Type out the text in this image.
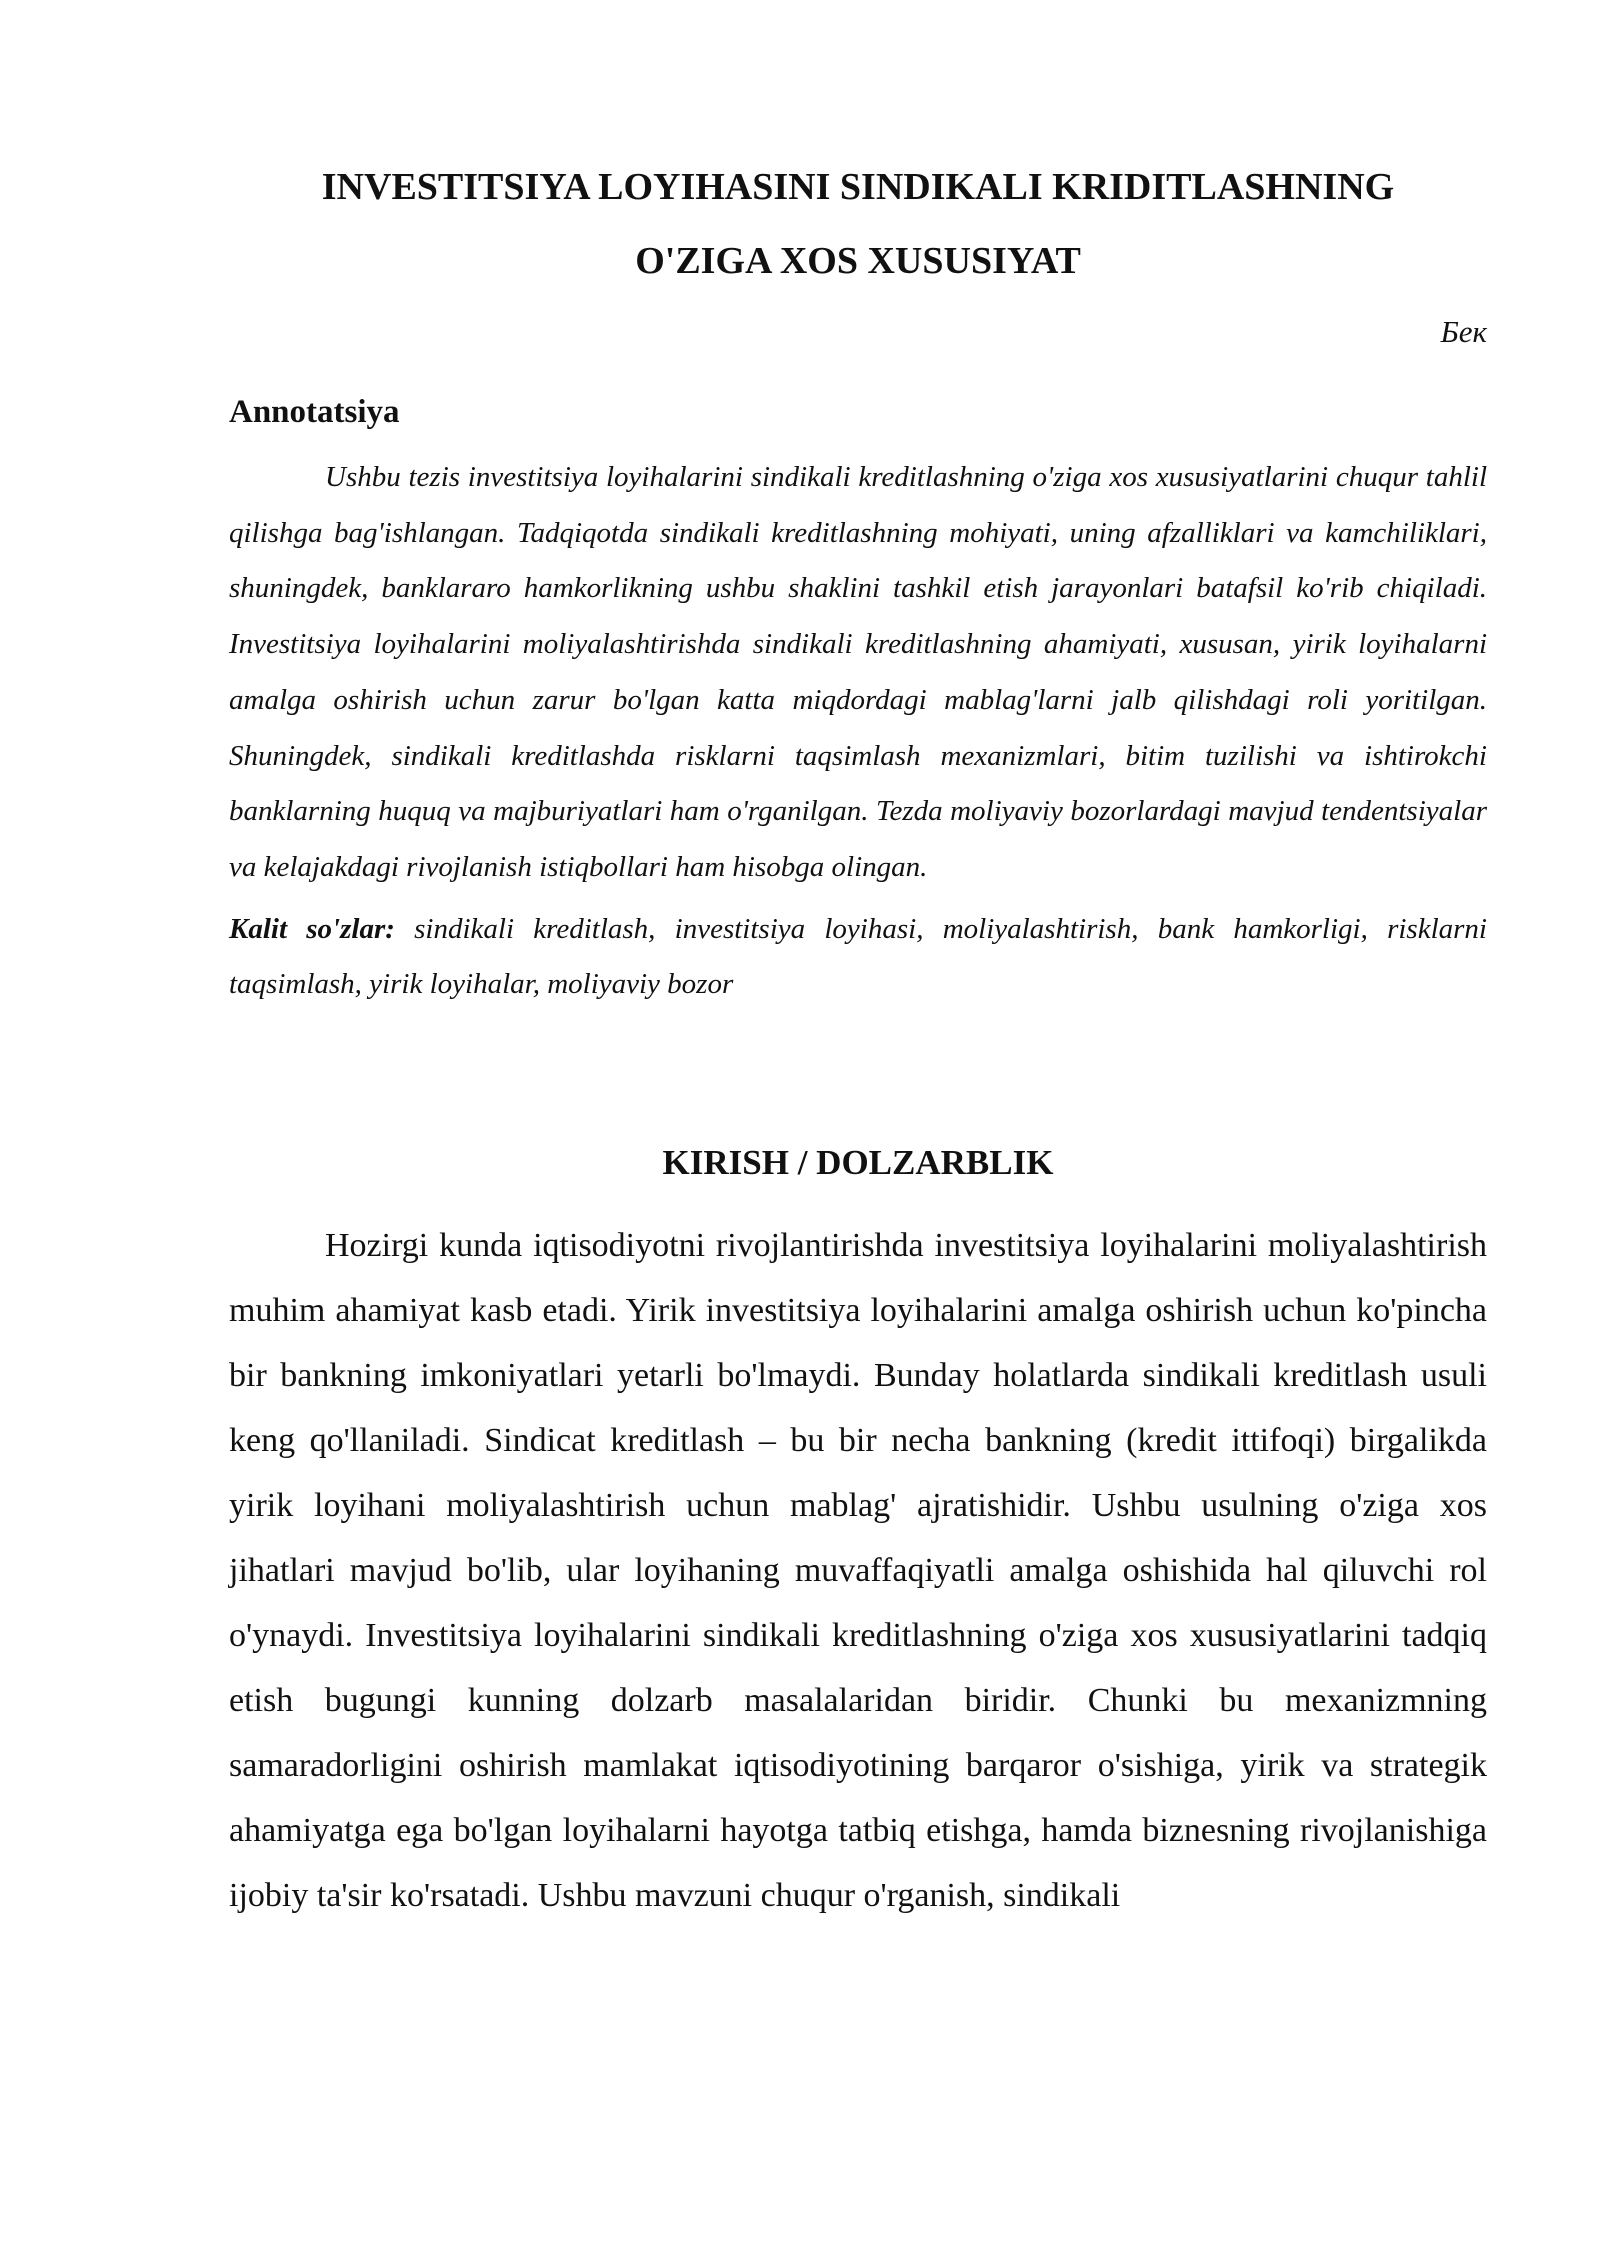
INVESTITSIYA LOYIHASINI SINDIKALI KRIDITLASHNING
O'ZIGA XOS XUSUSIYAT
Бек
Annotatsiya

Ushbu tezis investitsiya loyihalarini sindikali kreditlashning o'ziga xos xususiyatlarini chuqur tahlil qilishga bag'ishlangan. Tadqiqotda sindikali kreditlashning mohiyati, uning afzalliklari va kamchiliklari, shuningdek, banklararo hamkorlikning ushbu shaklini tashkil etish jarayonlari batafsil ko'rib chiqiladi. Investitsiya loyihalarini moliyalashtirishda sindikali kreditlashning ahamiyati, xususan, yirik loyihalarni amalga oshirish uchun zarur bo'lgan katta miqdordagi mablag'larni jalb qilishdagi roli yoritilgan. Shuningdek, sindikali kreditlashda risklarni taqsimlash mexanizmlari, bitim tuzilishi va ishtirokchi banklarning huquq va majburiyatlari ham o'rganilgan. Tezda moliyaviy bozorlardagi mavjud tendentsiyalar va kelajakdagi rivojlanish istiqbollari ham hisobga olingan.

Kalit so'zlar: sindikali kreditlash, investitsiya loyihasi, moliyalashtirish, bank hamkorligi, risklarni taqsimlash, yirik loyihalar, moliyaviy bozor

KIRISH / DOLZARBLIK

Hozirgi kunda iqtisodiyotni rivojlantirishda investitsiya loyihalarini moliyalashtirish muhim ahamiyat kasb etadi. Yirik investitsiya loyihalarini amalga oshirish uchun ko'pincha bir bankning imkoniyatlari yetarli bo'lmaydi. Bunday holatlarda sindikali kreditlash usuli keng qo'llaniladi. Sindicat kreditlash – bu bir necha bankning (kredit ittifoqi) birgalikda yirik loyihani moliyalashtirish uchun mablag' ajratishidir. Ushbu usulning o'ziga xos jihatlari mavjud bo'lib, ular loyihaning muvaffaqiyatli amalga oshishida hal qiluvchi rol o'ynaydi. Investitsiya loyihalarini sindikali kreditlashning o'ziga xos xususiyatlarini tadqiq etish bugungi kunning dolzarb masalalaridan biridir. Chunki bu mexanizmning samaradorligini oshirish mamlakat iqtisodiyotining barqaror o'sishiga, yirik va strategik ahamiyatga ega bo'lgan loyihalarni hayotga tatbiq etishga, hamda biznesning rivojlanishiga ijobiy ta'sir ko'rsatadi. Ushbu mavzuni chuqur o'rganish, sindikali
